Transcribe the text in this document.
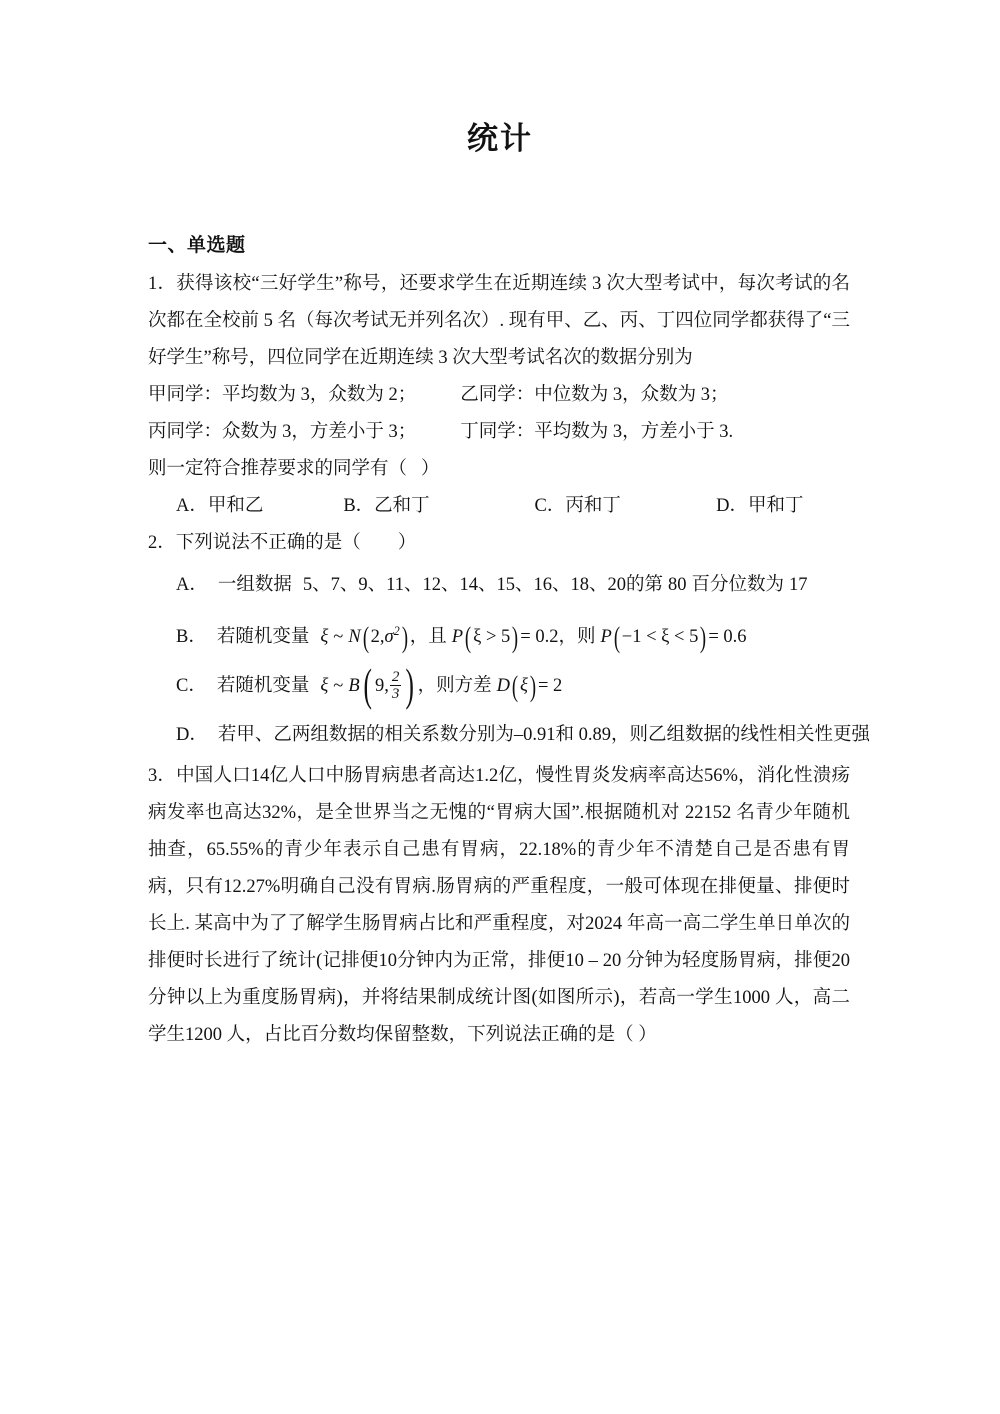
统计
一、单选题

1．获得该校“三好学生”称号，还要求学生在近期连续 3 次大型考试中，每次考试的名次都在全校前 5 名（每次考试无并列名次）. 现有甲、乙、丙、丁四位同学都获得了“三好学生”称号，四位同学在近期连续 3 次大型考试名次的数据分别为

甲同学：平均数为 3，众数为 2； 乙同学：中位数为 3，众数为 3；

丙同学：众数为 3，方差小于 3； 丁同学：平均数为 3，方差小于 3.

则一定符合推荐要求的同学有（   ）

A．甲和乙	B．乙和丁	C．丙和丁	D．甲和丁

2．下列说法不正确的是（        ）

A． 一组数据 5、7、9、11、12、14、15、16、18、20的第 80 百分位数为 17

B． 若随机变量 ξ ~ N( $2,\sigma^2$) ，且 P( ξ > 5) = 0.2，则 P( −1 < ξ < 5) = 0.6

C． 若随机变量 ξ ~ B( 9, $\frac{2}{3}$ ) ，则方差 D( ξ) = 2

D． 若甲、乙两组数据的相关系数分别为–0.91和 0.89，则乙组数据的线性相关性更强

3．中国人口14亿人口中肠胃病患者高达1.2亿，慢性胃炎发病率高达56%，消化性溃疡病发率也高达32%，是全世界当之无愧的“胃病大国”.根据随机对 22152 名青少年随机抽查，65.55%的青少年表示自己患有胃病，22.18%的青少年不清楚自己是否患有胃病，只有12.27%明确自己没有胃病.肠胃病的严重程度，一般可体现在排便量、排便时长上. 某高中为了了解学生肠胃病占比和严重程度，对2024 年高一高二学生单日单次的排便时长进行了统计(记排便10分钟内为正常，排便10 – 20 分钟为轻度肠胃病，排便20 分钟以上为重度肠胃病)，并将结果制成统计图(如图所示)，若高一学生1000 人，高二学生1200 人，占比百分数均保留整数，下列说法正确的是（ ）
